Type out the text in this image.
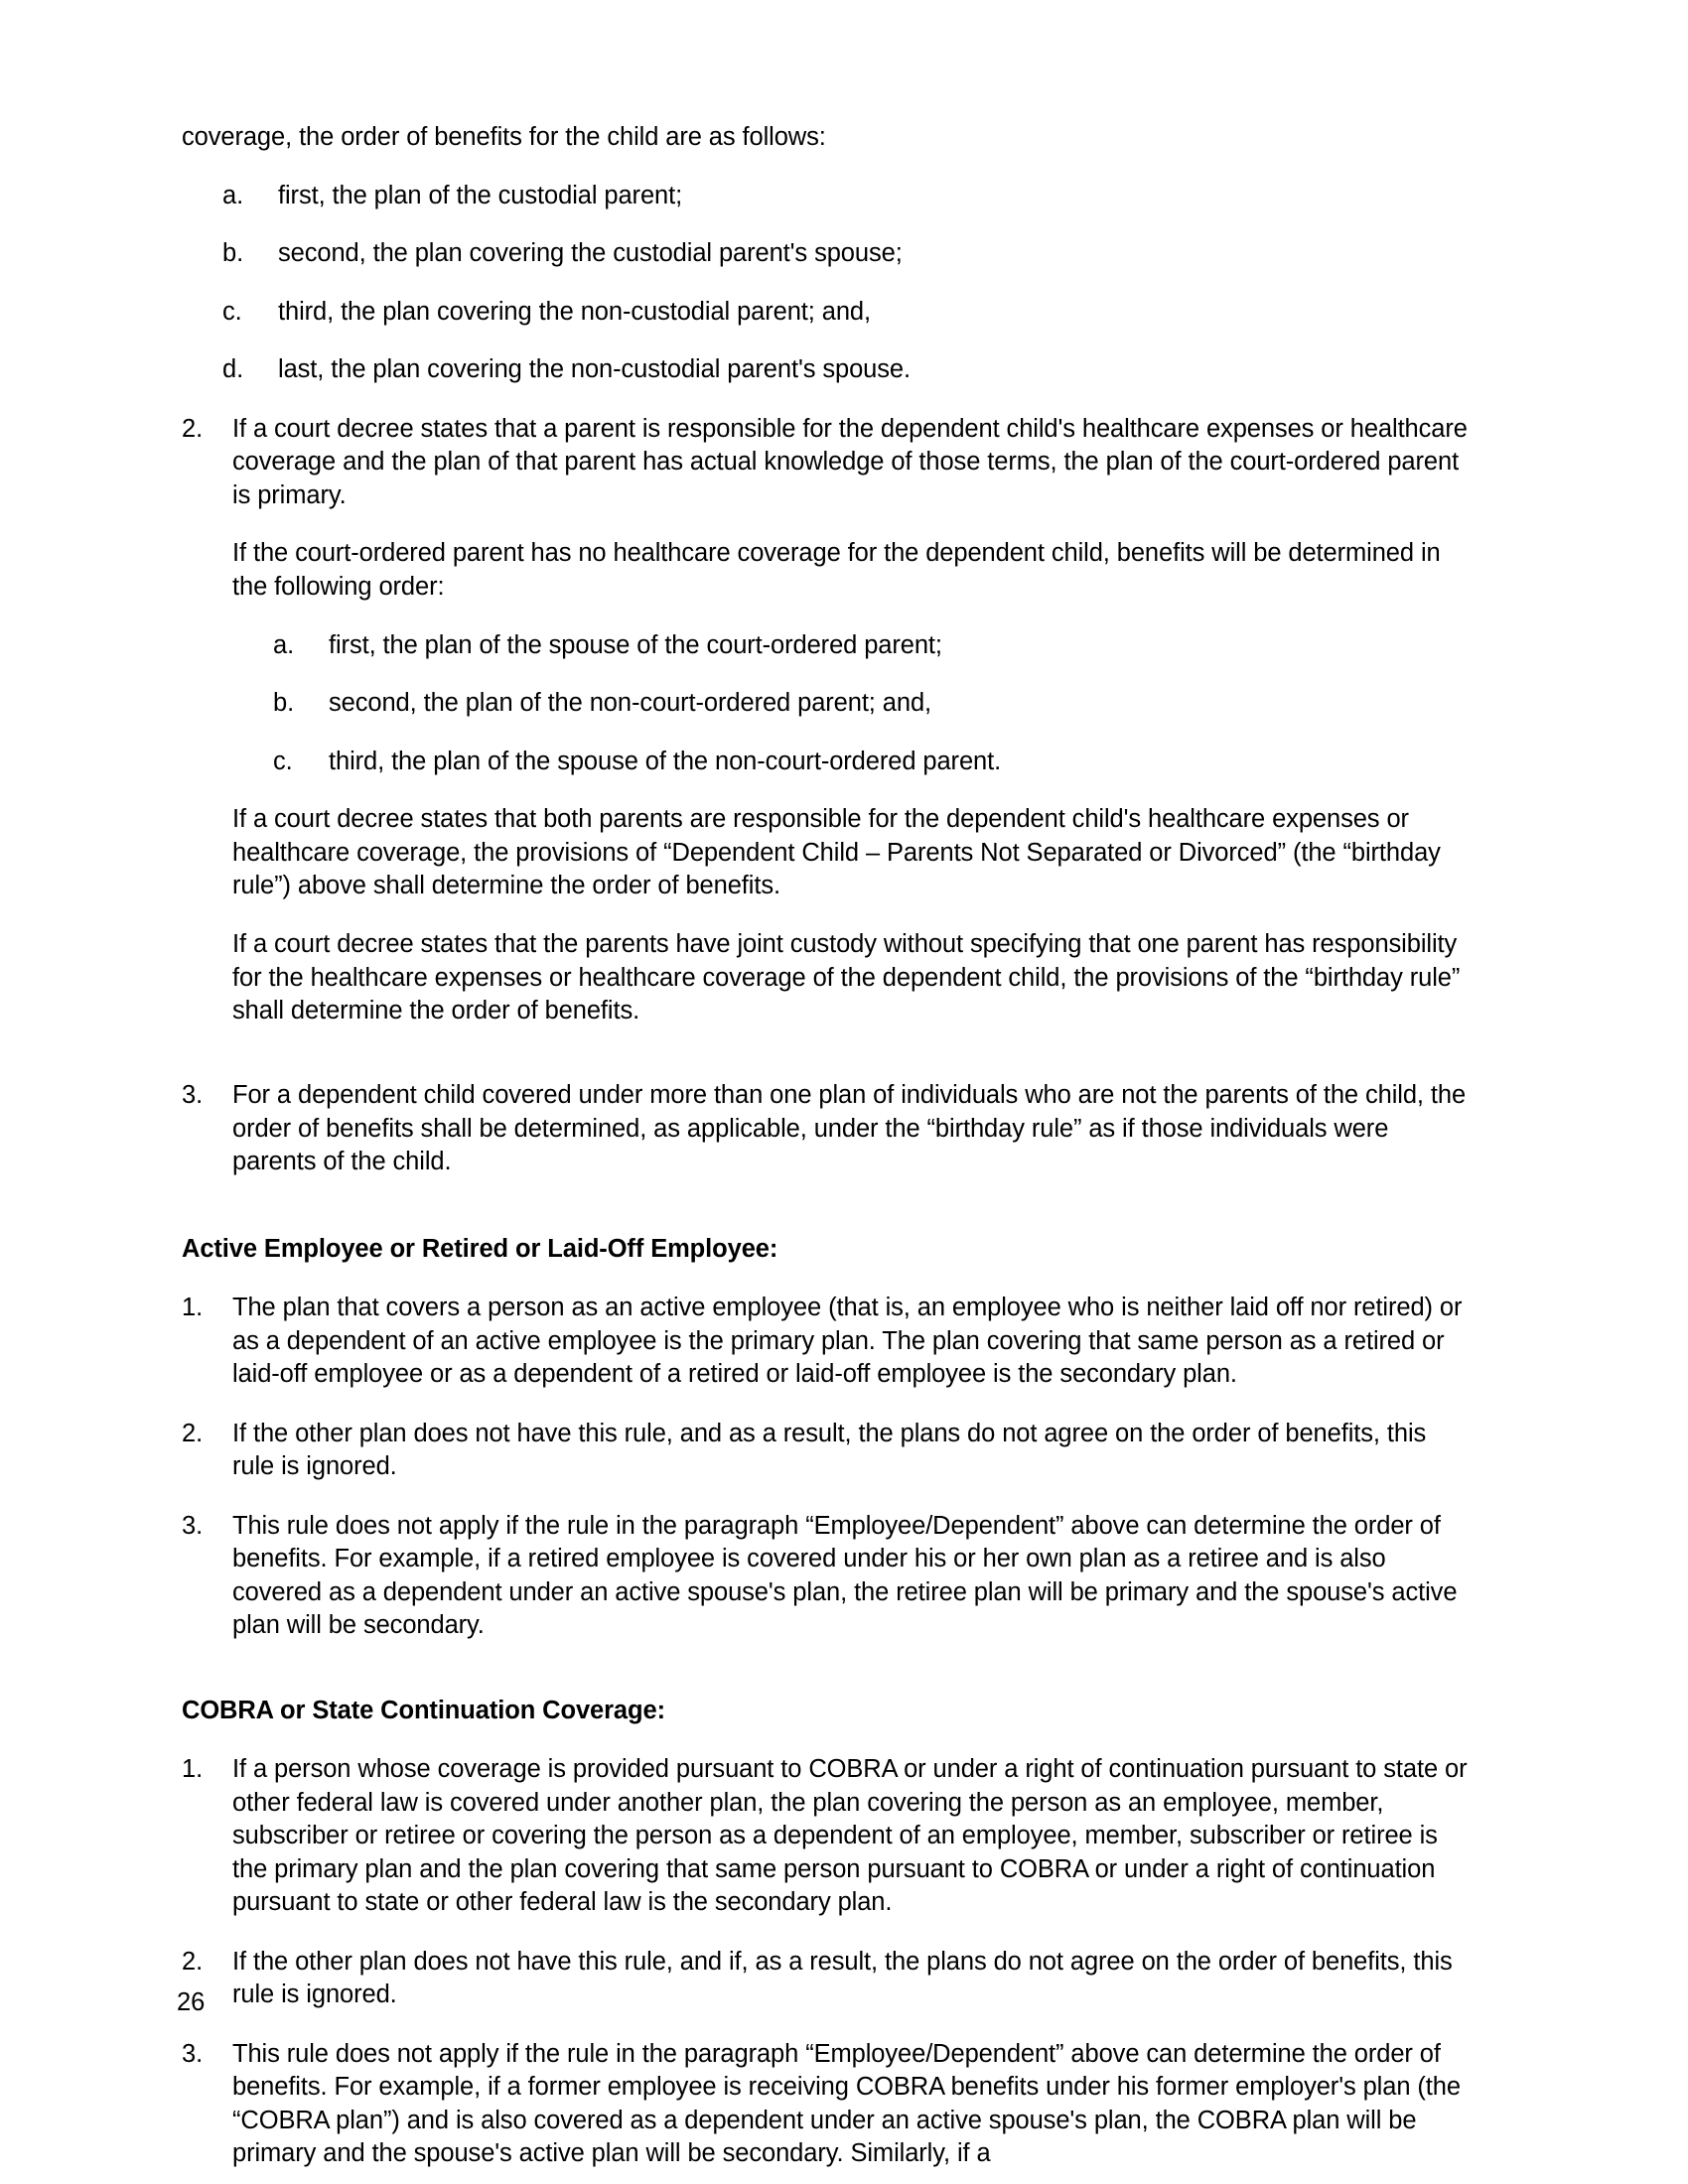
coverage, the order of benefits for the child are as follows:

a.	first, the plan of the custodial parent;
b.	second, the plan covering the custodial parent's spouse;
c.	third, the plan covering the non-custodial parent; and,
d.	last, the plan covering the non-custodial parent's spouse.
2.	If a court decree states that a parent is responsible for the dependent child's healthcare expenses or healthcare coverage and the plan of that parent has actual knowledge of those terms, the plan of the court-ordered parent is primary.

If the court-ordered parent has no healthcare coverage for the dependent child, benefits will be determined in the following order:

a.	first, the plan of the spouse of the court-ordered parent;
b.	second, the plan of the non-court-ordered parent; and,
c.	third, the plan of the spouse of the non-court-ordered parent.

If a court decree states that both parents are responsible for the dependent child's healthcare expenses or healthcare coverage, the provisions of “Dependent Child – Parents Not Separated or Divorced” (the “birthday rule”) above shall determine the order of benefits.

If a court decree states that the parents have joint custody without specifying that one parent has responsibility for the healthcare expenses or healthcare coverage of the dependent child, the provisions of the “birthday rule” shall determine the order of benefits.

3.	For a dependent child covered under more than one plan of individuals who are not the parents of the child, the order of benefits shall be determined, as applicable, under the “birthday rule” as if those individuals were parents of the child.

Active Employee or Retired or Laid-Off Employee:
1.	The plan that covers a person as an active employee (that is, an employee who is neither laid off nor retired) or as a dependent of an active employee is the primary plan. The plan covering that same person as a retired or laid-off employee or as a dependent of a retired or laid-off employee is the secondary plan.

2.	If the other plan does not have this rule, and as a result, the plans do not agree on the order of benefits, this rule is ignored.

3.	This rule does not apply if the rule in the paragraph “Employee/Dependent” above can determine the order of benefits. For example, if a retired employee is covered under his or her own plan as a retiree and is also covered as a dependent under an active spouse's plan, the retiree plan will be primary and the spouse's active plan will be secondary.

COBRA or State Continuation Coverage:
1.	If a person whose coverage is provided pursuant to COBRA or under a right of continuation pursuant to state or other federal law is covered under another plan, the plan covering the person as an employee, member, subscriber or retiree or covering the person as a dependent of an employee, member, subscriber or retiree is the primary plan and the plan covering that same person pursuant to COBRA or under a right of continuation pursuant to state or other federal law is the secondary plan.

2.	If the other plan does not have this rule, and if, as a result, the plans do not agree on the order of benefits, this rule is ignored.

3.	This rule does not apply if the rule in the paragraph “Employee/Dependent” above can determine the order of benefits. For example, if a former employee is receiving COBRA benefits under his former employer's plan (the “COBRA plan”) and is also covered as a dependent under an active spouse's plan, the COBRA plan will be primary and the spouse's active plan will be secondary. Similarly, if a

26
